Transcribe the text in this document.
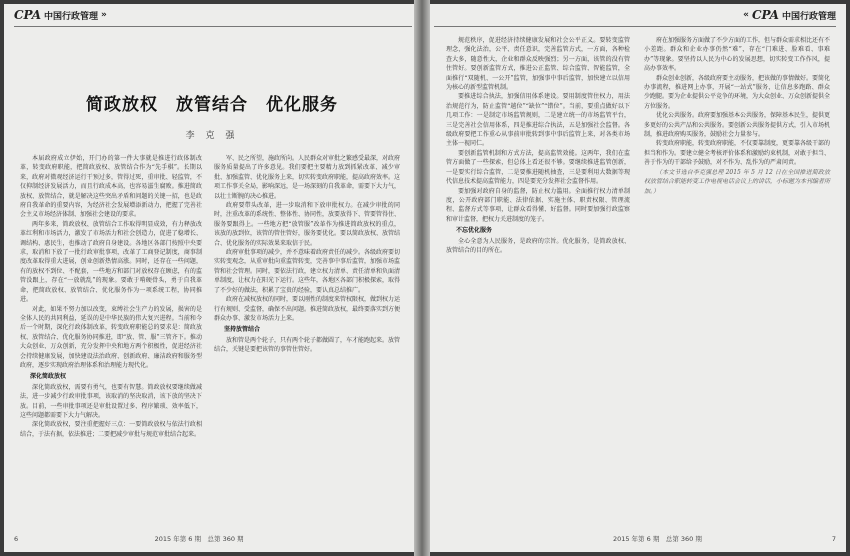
CPA 中国行政管理 »
简政放权　放管结合　优化服务
李 克 强

本届政府成立伊始，开门办的第一件大事就是推进行政体制改革，转变政府职能，把简政放权、放管结合作为“先手棋”。长期以来，政府对微观经济运行干预过多，管得过死，重审批、轻监管，不仅抑制经济发展活力，而且行政成本高，也容易滋生腐败。推进简政放权、放管结合，就是解决这些突出矛盾和问题的关键一招，也是政府自我革命的重要内容，为经济社会发展增添新动力，把握了完善社会主义市场经济体制、加强社会建设的要求。

两年多来，简政放权、放管结合工作取得明显成效，有力释放改革红利和市场活力，激发了市场活力和社会创造力，促进了稳增长、调结构、惠民生，也推动了政府自身建设。各地区各部门按照中央要求，取消和下放了一批行政审批事项，改革了工商登记制度，商事制度改革取得重大进展，创业创新热情高涨。同时，还存在一些问题，有的放权不到位、不配套，一些地方和部门对放权存在顾虑，有的监管没跟上，存在“一放就乱”的现象。要敢于啃硬骨头，勇于自我革命，把简政放权、放管结合、优化服务作为一项系统工程，协同推进。

对此，如果不努力加以改变，束缚社会生产力的发展，损害的是全体人民的共同利益，延误的是中华民族的伟大复兴进程。当前和今后一个时期，深化行政体制改革，转变政府职能总的要求是：简政放权、放管结合、优化服务协同推进，即“放、管、服”三管齐下。推动大众创业、万众创新，充分发挥中央和地方两个积极性，促进经济社会持续健康发展，加快建设法治政府、创新政府、廉洁政府和服务型政府，逐步实现政府治理体系和治理能力现代化。

深化简政放权

深化简政放权，需要有勇气，也要有智慧。简政放权要继续做减法，进一步减少行政审批事项，该取消的坚决取消，该下放的坚决下放。目前，一些审批事项还是审批设置过多、程序繁琐、效率低下，这些问题都需要下大力气解决。

深化简政放权，要注重把握好三点：一要简政放权与依法行政相结合，于法有据，依法推进；二要把减少审批与规范审批结合起来。

军、民之所望，施政所向。人民群众对审批之繁感受最深，对政府服务质量提出了许多意见。我们要把主要精力放到抓紧改革、减少审批、加强监管、优化服务上来，切实转变政府职能，提高政府效率。这项工作事关全局，影响深远，是一场深刻的自我革命，需要下大力气，以壮士断腕的决心推进。

政府要带头改革，进一步取消和下放审批权力。在减少审批的同时，注重改革的系统性、整体性、协同性，放要放得下、管要管得住、服务要跟得上。一些地方把“放管服”改革作为推进简政放权的重点，该放的放到位，该管的管住管好，服务要优化。要以简政放权、放管结合、优化服务的实际效果来取信于民。

政府审批事项的减少，并不意味着政府责任的减少。各级政府要切实转变观念，从重审批向重监管转变，完善事中事后监管，加强市场监管和社会管理。同时，要依法行政，建立权力清单、责任清单和负面清单制度，让权力在阳光下运行。这些年，各地区各部门积极探索，取得了不少好的做法，积累了宝贵的经验，要认真总结推广。

政府在减权放权的同时，要以刚性的制度来管权限权，做到权力运行有规则、受监督，确保不出问题。推进简政放权，最终要落实到方便群众办事、激发市场活力上来。

坚持放管结合

放和管是两个轮子，只有两个轮子都做圆了，车才能跑起来。放管结合，关键是要把该管的事管住管好。

6　　　　　　　　　　　　　　　　　　　　　2015 年第 6 期　总第 360 期
« CPA 中国行政管理

规范秩序，促进经济持续健康发展和社会公平正义。要转变监管理念，强化法治，公平、责任意识，完善监管方式，一方面，各种检查大多，随意性大，企业和群众反映强烈；另一方面，该管的没有管住管好。要创新监管方式，推进公正监管、综合监管、智能监管，全面推行“双随机、一公开”监管，加强事中事后监管，加快建立以信用为核心的新型监管机制。

要推进综合执法，加强信用体系建设。要用制度管住权力，用法治规范行为，防止监管“越位”“缺位”“错位”。当前，要重点做好以下几项工作：一是制定市场监管规则，二是建立统一的市场监管平台，三是完善社会信用体系，四是推进综合执法，五是加强社会监督。各级政府要把工作重心从事前审批转到事中事后监管上来，对各类市场主体一视同仁。

要创新监管机制和方式方法，提高监管效能。这两年，我们在监管方面做了一些探索，但总体上看还很不够。要继续推进监管创新，一是要实行综合监管，二是要推进随机抽查，三是要利用大数据等现代信息技术提高监管能力，四是要充分发挥社会监督作用。

要加强对政府自身的监督，防止权力滥用。全面推行权力清单制度，公开政府部门职能、法律依据、实施主体、职责权限、管理流程、监督方式等事项，让群众看得懂、好监督。同时要加强行政监察和审计监督，把权力关进制度的笼子。

不忘优化服务

全心全意为人民服务，是政府的宗旨。优化服务，是简政放权、放管结合的目的所在。

府在加强服务方面做了不少方面的工作，但与群众需求相比还有不小差距。群众和企业办事仍然“难”，存在“门难进、脸难看、事难办”等现象。要坚持以人民为中心的发展思想，切实转变工作作风，提高办事效率。

群众创业创新，各级政府要主动服务，把该做的事情做好。要简化办事流程，推进网上办事，开展“一站式”服务，让信息多跑路、群众少跑腿。要为企业提供公平竞争的环境，为大众创业、万众创新提供全方位服务。

优化公共服务。政府要加强基本公共服务，保障基本民生，提供更多更好的公共产品和公共服务。要创新公共服务提供方式，引入市场机制，推进政府购买服务，鼓励社会力量参与。

转变政府职能，转变政府职能，不仅要靠制度，更要靠各级干部的担当和作为。要建立健全考核评价体系和激励约束机制，对敢于担当、善于作为的干部给予鼓励，对不作为、乱作为的严肃问责。

（本文节选自李克强总理 2015 年 5 月 12 日在全国推进简政放权放管结合职能转变工作电视电话会议上的讲话，小标题为本刊编者所加。）

2015 年第 6 期　总第 360 期　　　　　　　　　　　　　　　　　　　　7
